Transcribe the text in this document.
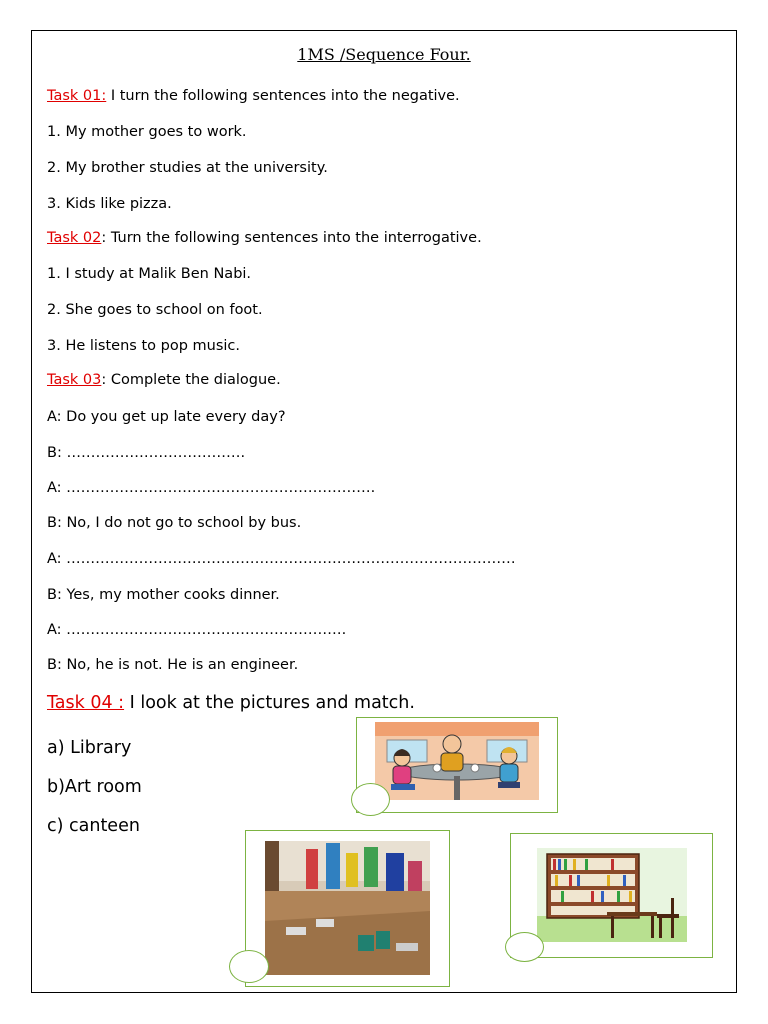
1MS /Sequence Four.
Task 01: I turn the following sentences into the negative.
1. My mother goes to work.
2. My brother studies at the university.
3. Kids like pizza.
Task 02: Turn the following sentences into the interrogative.
1. I study at Malik Ben Nabi.
2. She goes to school on foot.
3. He listens to pop music.
Task 03: Complete the dialogue.
A: Do you get up late every day?
B: ……………………………….
A: ……………………………………………………….
B: No, I do not go to school by bus.
A: …………………………………………………………………………………
B: Yes, my mother cooks dinner.
A: ………………………………………………….
B: No, he is not. He is an engineer.
Task 04 : I look at the pictures and match.
a) Library
b)Art room
c) canteen
